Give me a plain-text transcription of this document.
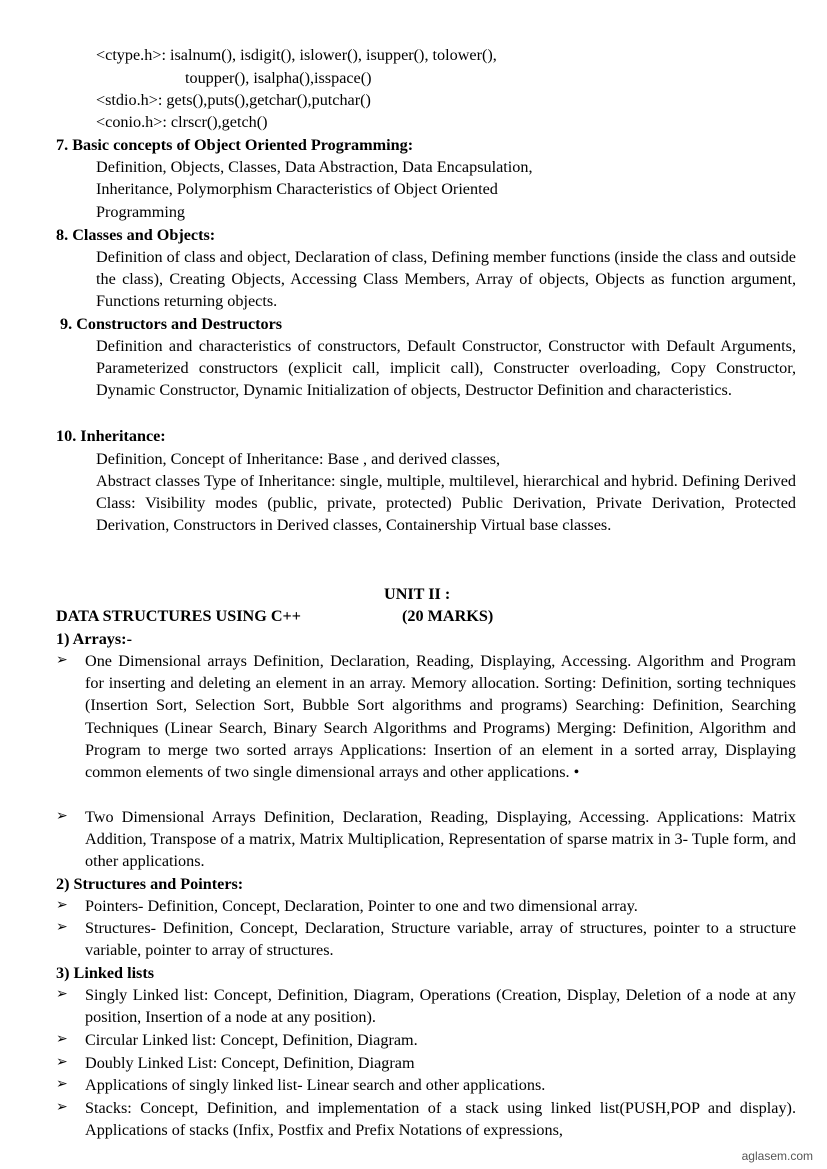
<ctype.h>: isalnum(), isdigit(), islower(), isupper(), tolower(),
toupper(), isalpha(),isspace()
<stdio.h>: gets(),puts(),getchar(),putchar()
<conio.h>: clrscr(),getch()
7. Basic concepts of Object Oriented Programming:
Definition, Objects, Classes, Data Abstraction, Data Encapsulation,
Inheritance, Polymorphism Characteristics of Object Oriented
Programming
8. Classes and Objects:
Definition of class and object, Declaration of class, Defining member functions (inside the class and outside the class), Creating Objects, Accessing Class Members, Array of objects, Objects as function argument, Functions returning objects.
9. Constructors and Destructors
Definition and characteristics of constructors, Default Constructor, Constructor with Default Arguments, Parameterized constructors (explicit call, implicit call), Constructer overloading, Copy Constructor, Dynamic Constructor, Dynamic Initialization of objects, Destructor Definition and characteristics.
10. Inheritance:
Definition, Concept of Inheritance: Base , and derived classes,
Abstract classes Type of Inheritance: single, multiple, multilevel, hierarchical and hybrid. Defining Derived Class: Visibility modes (public, private, protected) Public Derivation, Private Derivation, Protected Derivation, Constructors in Derived classes, Containership Virtual base classes.
UNIT II :
DATA STRUCTURES USING C++	(20 MARKS)
1) Arrays:-
➢ One Dimensional arrays Definition, Declaration, Reading, Displaying, Accessing. Algorithm and Program for inserting and deleting an element in an array. Memory allocation. Sorting: Definition, sorting techniques (Insertion Sort, Selection Sort, Bubble Sort algorithms and programs) Searching: Definition, Searching Techniques (Linear Search, Binary Search Algorithms and Programs) Merging: Definition, Algorithm and Program to merge two sorted arrays Applications: Insertion of an element in a sorted array, Displaying common elements of two single dimensional arrays and other applications. •
➢ Two Dimensional Arrays Definition, Declaration, Reading, Displaying, Accessing. Applications: Matrix Addition, Transpose of a matrix, Matrix Multiplication, Representation of sparse matrix in 3- Tuple form, and other applications.
2) Structures and Pointers:
➢ Pointers- Definition, Concept, Declaration, Pointer to one and two dimensional array.
➢ Structures- Definition, Concept, Declaration, Structure variable, array of structures, pointer to a structure variable, pointer to array of structures.
3) Linked lists
➢ Singly Linked list: Concept, Definition, Diagram, Operations (Creation, Display, Deletion of a node at any position, Insertion of a node at any position).
➢ Circular Linked list: Concept, Definition, Diagram.
➢ Doubly Linked List: Concept, Definition, Diagram
➢ Applications of singly linked list- Linear search and other applications.
➢ Stacks: Concept, Definition, and implementation of a stack using linked list(PUSH,POP and display). Applications of stacks (Infix, Postfix and Prefix Notations of expressions,
aglasem.com
